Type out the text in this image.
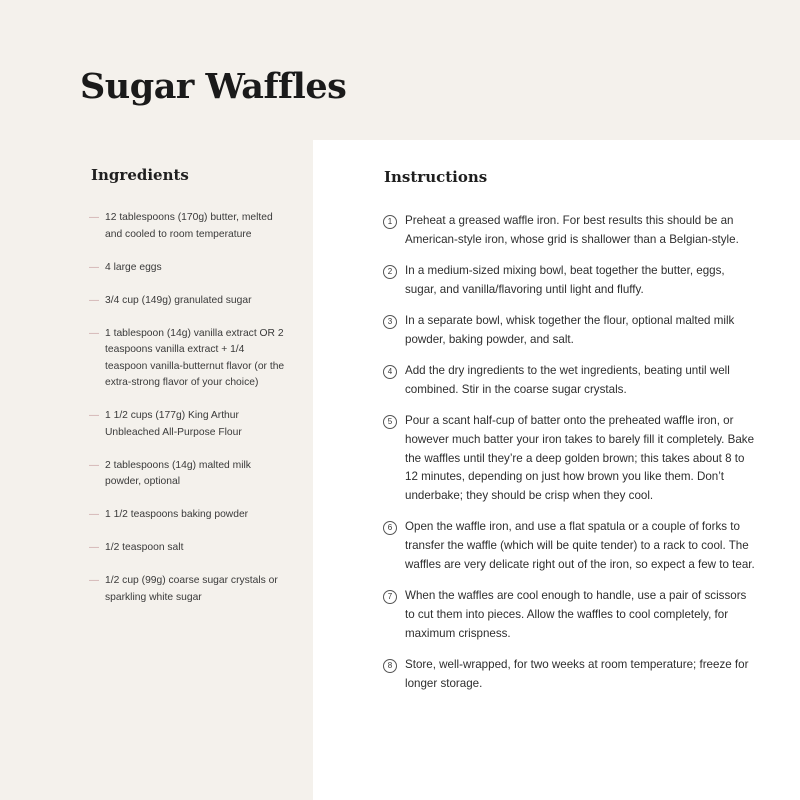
Sugar Waffles
Ingredients
— 12 tablespoons (170g) butter, melted and cooled to room temperature
— 4 large eggs
— 3/4 cup (149g) granulated sugar
— 1 tablespoon (14g) vanilla extract OR 2 teaspoons vanilla extract + 1/4 teaspoon vanilla-butternut flavor (or the extra-strong flavor of your choice)
— 1 1/2 cups (177g) King Arthur Unbleached All-Purpose Flour
— 2 tablespoons (14g) malted milk powder, optional
— 1 1/2 teaspoons baking powder
— 1/2 teaspoon salt
— 1/2 cup (99g) coarse sugar crystals or sparkling white sugar
Instructions
1	Preheat a greased waffle iron. For best results this should be an American-style iron, whose grid is shallower than a Belgian-style.
2	In a medium-sized mixing bowl, beat together the butter, eggs, sugar, and vanilla/flavoring until light and fluffy.
3	In a separate bowl, whisk together the flour, optional malted milk powder, baking powder, and salt.
4	Add the dry ingredients to the wet ingredients, beating until well combined. Stir in the coarse sugar crystals.
5	Pour a scant half-cup of batter onto the preheated waffle iron, or however much batter your iron takes to barely fill it completely. Bake the waffles until they’re a deep golden brown; this takes about 8 to 12 minutes, depending on just how brown you like them. Don’t underbake; they should be crisp when they cool.
6	Open the waffle iron, and use a flat spatula or a couple of forks to transfer the waffle (which will be quite tender) to a rack to cool. The waffles are very delicate right out of the iron, so expect a few to tear.
7	When the waffles are cool enough to handle, use a pair of scissors to cut them into pieces. Allow the waffles to cool completely, for maximum crispness.
8	Store, well-wrapped, for two weeks at room temperature; freeze for longer storage.
